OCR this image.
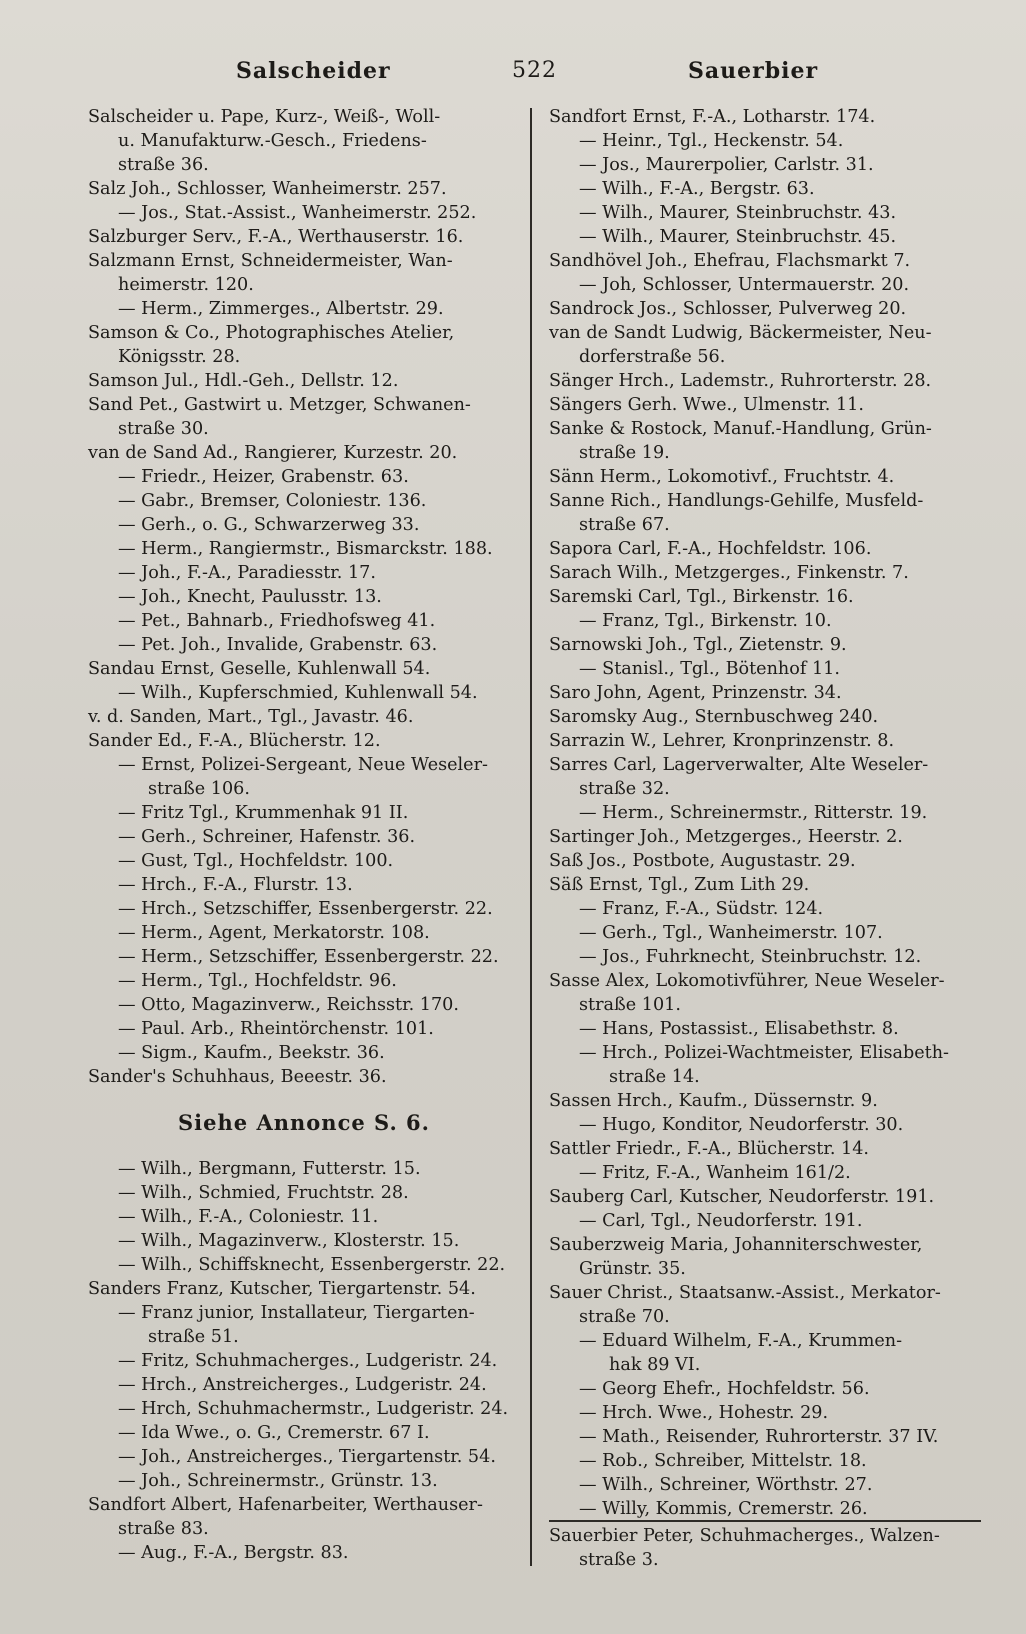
Salscheider	522	Sauerbier

Salscheider u. Pape, Kurz-, Weiß-, Woll-
u. Manufakturw.-Gesch., Friedens-
straße 36.

Salz Joh., Schlosser, Wanheimerstr. 257.

— Jos., Stat.-Assist., Wanheimerstr. 252.

Salzburger Serv., F.-A., Werthauserstr. 16.

Salzmann Ernst, Schneidermeister, Wan-
heimerstr. 120.

— Herm., Zimmerges., Albertstr. 29.

Samson & Co., Photographisches Atelier,
Königsstr. 28.

Samson Jul., Hdl.-Geh., Dellstr. 12.

Sand Pet., Gastwirt u. Metzger, Schwanen-
straße 30.

van de Sand Ad., Rangierer, Kurzestr. 20.

— Friedr., Heizer, Grabenstr. 63.

— Gabr., Bremser, Coloniestr. 136.

— Gerh., o. G., Schwarzerweg 33.

— Herm., Rangiermstr., Bismarckstr. 188.

— Joh., F.-A., Paradiesstr. 17.

— Joh., Knecht, Paulusstr. 13.

— Pet., Bahnarb., Friedhofsweg 41.

— Pet. Joh., Invalide, Grabenstr. 63.

Sandau Ernst, Geselle, Kuhlenwall 54.

— Wilh., Kupferschmied, Kuhlenwall 54.

v. d. Sanden, Mart., Tgl., Javastr. 46.

Sander Ed., F.-A., Blücherstr. 12.

— Ernst, Polizei-Sergeant, Neue Weseler-
straße 106.

— Fritz Tgl., Krummenhak 91 II.

— Gerh., Schreiner, Hafenstr. 36.

— Gust, Tgl., Hochfeldstr. 100.

— Hrch., F.-A., Flurstr. 13.

— Hrch., Setzschiffer, Essenbergerstr. 22.

— Herm., Agent, Merkatorstr. 108.

— Herm., Setzschiffer, Essenbergerstr. 22.

— Herm., Tgl., Hochfeldstr. 96.

— Otto, Magazinverw., Reichsstr. 170.

— Paul. Arb., Rheintörchenstr. 101.

— Sigm., Kaufm., Beekstr. 36.

Sander's Schuhhaus, Beeestr. 36.

Siehe Annonce S. 6.

— Wilh., Bergmann, Futterstr. 15.

— Wilh., Schmied, Fruchtstr. 28.

— Wilh., F.-A., Coloniestr. 11.

— Wilh., Magazinverw., Klosterstr. 15.

— Wilh., Schiffsknecht, Essenbergerstr. 22.

Sanders Franz, Kutscher, Tiergartenstr. 54.

— Franz junior, Installateur, Tiergarten-
straße 51.

— Fritz, Schuhmacherges., Ludgeristr. 24.

— Hrch., Anstreicherges., Ludgeristr. 24.

— Hrch, Schuhmachermstr., Ludgeristr. 24.

— Ida Wwe., o. G., Cremerstr. 67 I.

— Joh., Anstreicherges., Tiergartenstr. 54.

— Joh., Schreinermstr., Grünstr. 13.

Sandfort Albert, Hafenarbeiter, Werthauser-
straße 83.

— Aug., F.-A., Bergstr. 83.

Sandfort Ernst, F.-A., Lotharstr. 174.

— Heinr., Tgl., Heckenstr. 54.

— Jos., Maurerpolier, Carlstr. 31.

— Wilh., F.-A., Bergstr. 63.

— Wilh., Maurer, Steinbruchstr. 43.

— Wilh., Maurer, Steinbruchstr. 45.

Sandhövel Joh., Ehefrau, Flachsmarkt 7.

— Joh, Schlosser, Untermauerstr. 20.

Sandrock Jos., Schlosser, Pulverweg 20.

van de Sandt Ludwig, Bäckermeister, Neu-
dorferstraße 56.

Sänger Hrch., Lademstr., Ruhrorterstr. 28.

Sängers Gerh. Wwe., Ulmenstr. 11.

Sanke & Rostock, Manuf.-Handlung, Grün-
straße 19.

Sänn Herm., Lokomotivf., Fruchtstr. 4.

Sanne Rich., Handlungs-Gehilfe, Musfeld-
straße 67.

Sapora Carl, F.-A., Hochfeldstr. 106.

Sarach Wilh., Metzgerges., Finkenstr. 7.

Saremski Carl, Tgl., Birkenstr. 16.

— Franz, Tgl., Birkenstr. 10.

Sarnowski Joh., Tgl., Zietenstr. 9.

— Stanisl., Tgl., Bötenhof 11.

Saro John, Agent, Prinzenstr. 34.

Saromsky Aug., Sternbuschweg 240.

Sarrazin W., Lehrer, Kronprinzenstr. 8.

Sarres Carl, Lagerverwalter, Alte Weseler-
straße 32.

— Herm., Schreinermstr., Ritterstr. 19.

Sartinger Joh., Metzgerges., Heerstr. 2.

Saß Jos., Postbote, Augustastr. 29.

Säß Ernst, Tgl., Zum Lith 29.

— Franz, F.-A., Südstr. 124.

— Gerh., Tgl., Wanheimerstr. 107.

— Jos., Fuhrknecht, Steinbruchstr. 12.

Sasse Alex, Lokomotivführer, Neue Weseler-
straße 101.

— Hans, Postassist., Elisabethstr. 8.

— Hrch., Polizei-Wachtmeister, Elisabeth-
straße 14.

Sassen Hrch., Kaufm., Düssernstr. 9.

— Hugo, Konditor, Neudorferstr. 30.

Sattler Friedr., F.-A., Blücherstr. 14.

— Fritz, F.-A., Wanheim 161/2.

Sauberg Carl, Kutscher, Neudorferstr. 191.

— Carl, Tgl., Neudorferstr. 191.

Sauberzweig Maria, Johanniterschwester,
Grünstr. 35.

Sauer Christ., Staatsanw.-Assist., Merkator-
straße 70.

— Eduard Wilhelm, F.-A., Krummen-
hak 89 VI.

— Georg Ehefr., Hochfeldstr. 56.

— Hrch. Wwe., Hohestr. 29.

— Math., Reisender, Ruhrorterstr. 37 IV.

— Rob., Schreiber, Mittelstr. 18.

— Wilh., Schreiner, Wörthstr. 27.

— Willy, Kommis, Cremerstr. 26.

Sauerbier Peter, Schuhmacherges., Walzen-
straße 3.
